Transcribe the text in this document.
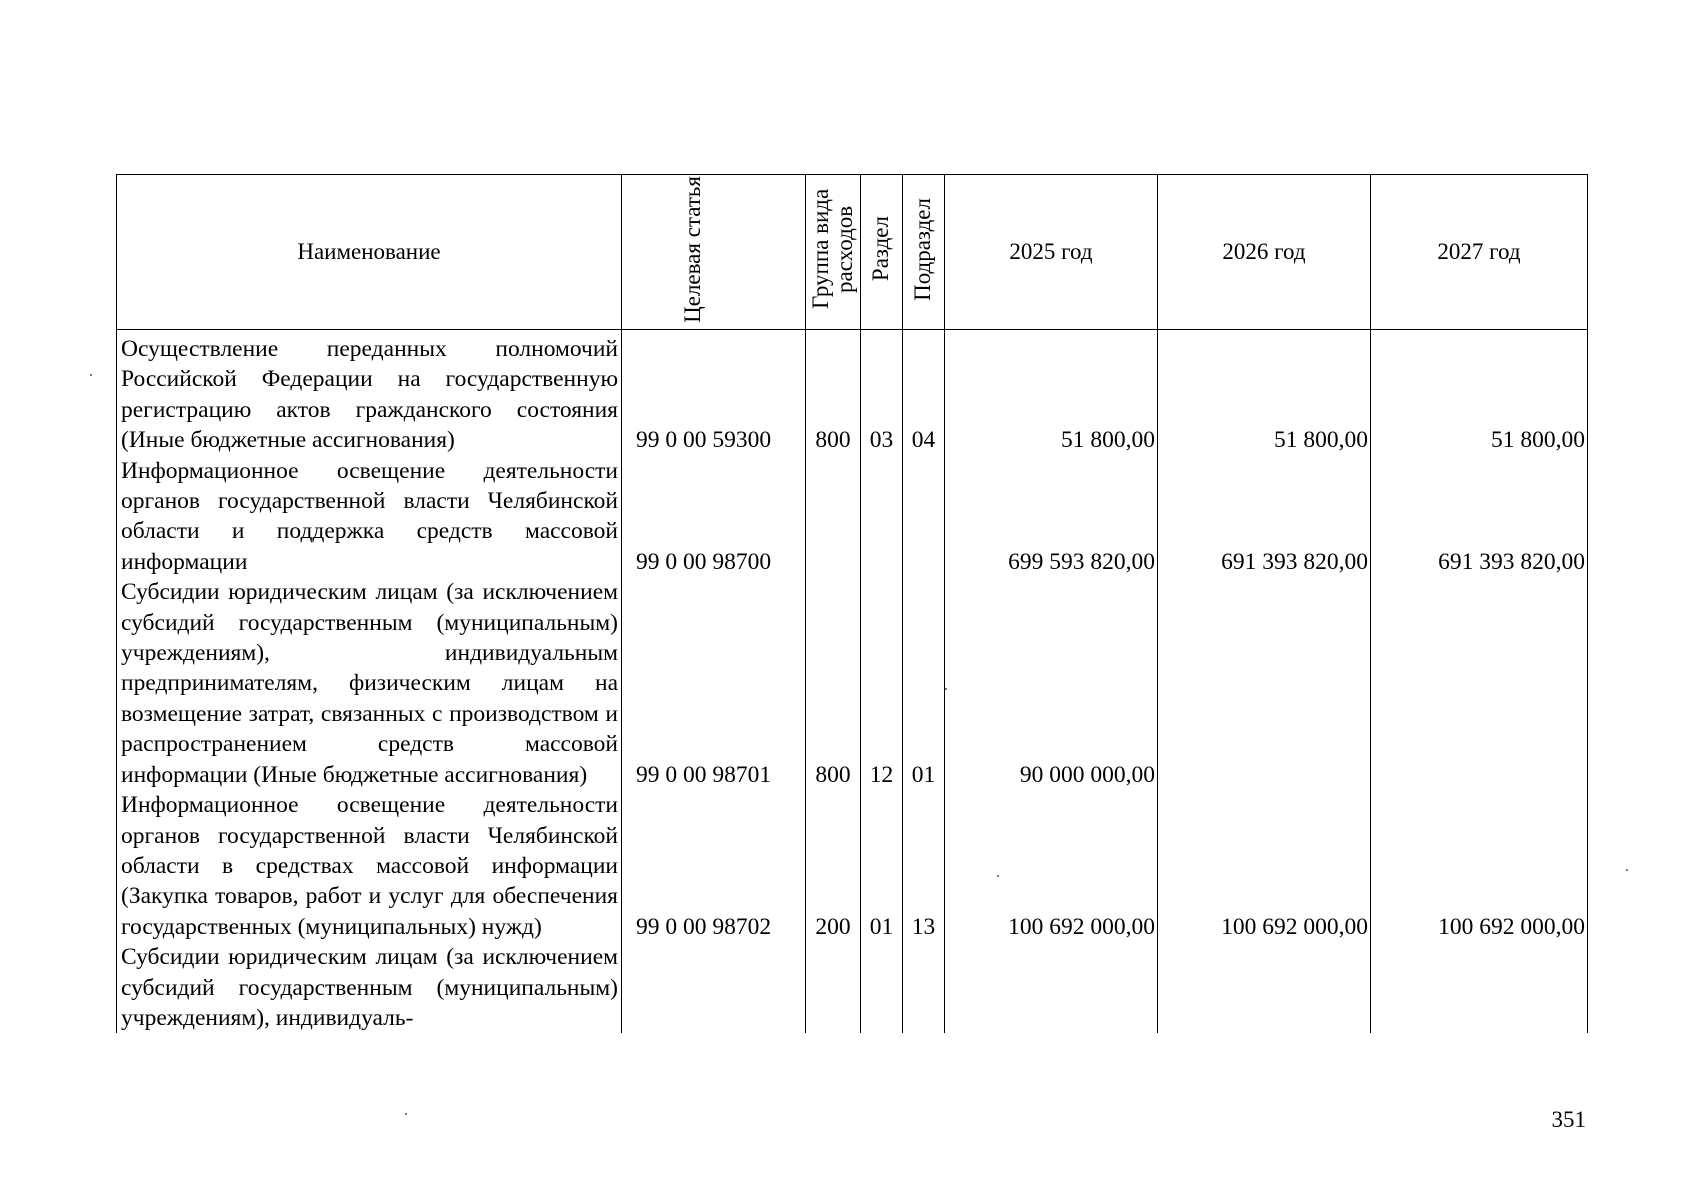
Наименование	Целевая статья	Группа вида расходов	Раздел	Подраздел	2025 год	2026 год	2027 год
Осуществление переданных полномочий Российской Федерации на государственную регистрацию актов гражданского состояния (Иные бюджетные ассигнования)	99 0 00 59300	800	03	04	51 800,00	51 800,00	51 800,00
Информационное освещение деятельности органов государственной власти Челябинской области и поддержка средств массовой информации	99 0 00 98700				699 593 820,00	691 393 820,00	691 393 820,00
Субсидии юридическим лицам (за исключением субсидий государственным (муниципальным) учреждениям), индивидуальным предпринимателям, физическим лицам на возмещение затрат, связанных с производством и распространением средств массовой информации (Иные бюджетные ассигнования)	99 0 00 98701	800	12	01	90 000 000,00		
Информационное освещение деятельности органов государственной власти Челябинской области в средствах массовой информации (Закупка товаров, работ и услуг для обеспечения государственных (муниципальных) нужд)	99 0 00 98702	200	01	13	100 692 000,00	100 692 000,00	100 692 000,00
Субсидии юридическим лицам (за исключением субсидий государственным (муниципальным) учреждениям), индивидуаль-							
351
